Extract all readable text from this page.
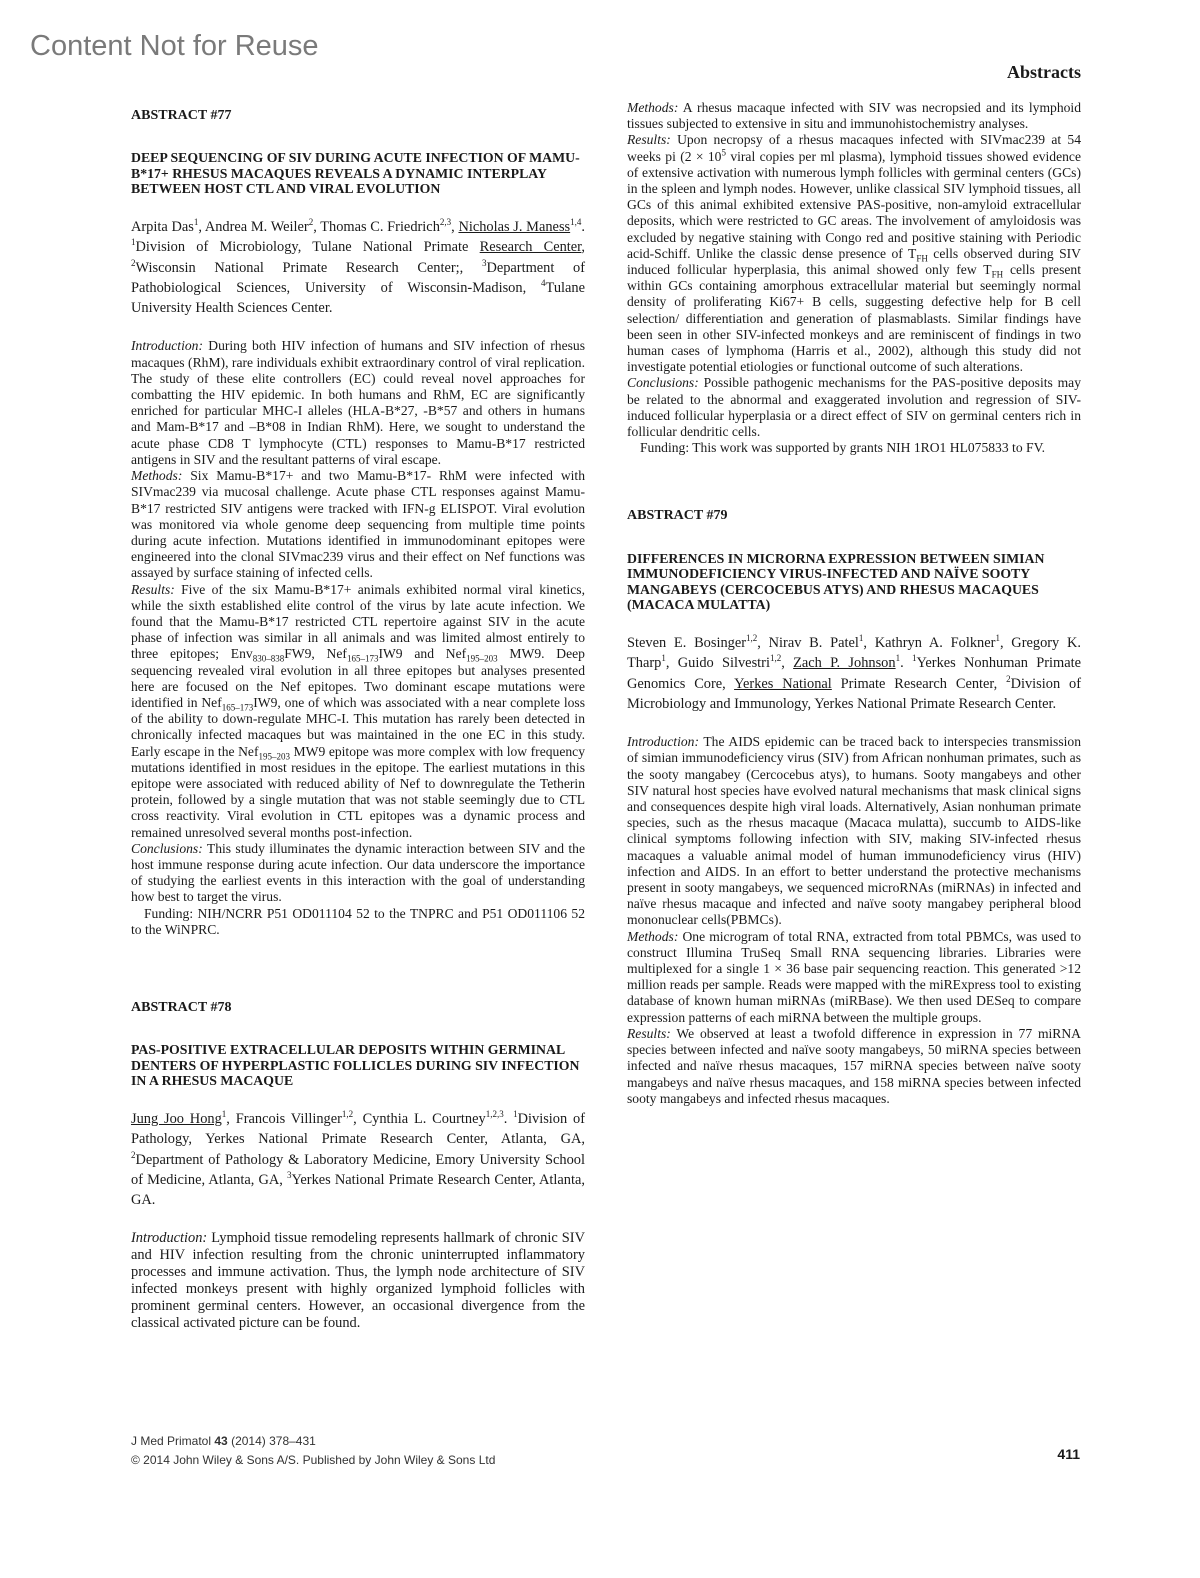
Content Not for Reuse
Abstracts

ABSTRACT #77

DEEP SEQUENCING OF SIV DURING ACUTE INFECTION OF MAMU-B*17+ RHESUS MACAQUES REVEALS A DYNAMIC INTERPLAY BETWEEN HOST CTL AND VIRAL EVOLUTION

Arpita Das$^1$, Andrea M. Weiler$^2$, Thomas C. Friedrich$^{2,3}$, Nicholas J. Maness$^{1,4}$. $^1$Division of Microbiology, Tulane National Primate Research Center, $^2$Wisconsin National Primate Research Center;, $^3$Department of Pathobiological Sciences, University of Wisconsin-Madison, $^4$Tulane University Health Sciences Center.

Introduction: During both HIV infection of humans and SIV infection of rhesus macaques (RhM), rare individuals exhibit extraordinary control of viral replication. The study of these elite controllers (EC) could reveal novel approaches for combatting the HIV epidemic. In both humans and RhM, EC are significantly enriched for particular MHC-I alleles (HLA-B*27, -B*57 and others in humans and Mam-B*17 and –B*08 in Indian RhM). Here, we sought to understand the acute phase CD8 T lymphocyte (CTL) responses to Mamu-B*17 restricted antigens in SIV and the resultant patterns of viral escape.

Methods: Six Mamu-B*17+ and two Mamu-B*17- RhM were infected with SIVmac239 via mucosal challenge. Acute phase CTL responses against Mamu-B*17 restricted SIV antigens were tracked with IFN-g ELISPOT. Viral evolution was monitored via whole genome deep sequencing from multiple time points during acute infection. Mutations identified in immunodominant epitopes were engineered into the clonal SIVmac239 virus and their effect on Nef functions was assayed by surface staining of infected cells.

Results: Five of the six Mamu-B*17+ animals exhibited normal viral kinetics, while the sixth established elite control of the virus by late acute infection. We found that the Mamu-B*17 restricted CTL repertoire against SIV in the acute phase of infection was similar in all animals and was limited almost entirely to three epitopes; Env$_{830-838}$FW9, Nef$_{165-173}$IW9 and Nef$_{195-203}$ MW9. Deep sequencing revealed viral evolution in all three epitopes but analyses presented here are focused on the Nef epitopes. Two dominant escape mutations were identified in Nef$_{165-173}$IW9, one of which was associated with a near complete loss of the ability to down-regulate MHC-I. This mutation has rarely been detected in chronically infected macaques but was maintained in the one EC in this study. Early escape in the Nef$_{195-203}$ MW9 epitope was more complex with low frequency mutations identified in most residues in the epitope. The earliest mutations in this epitope were associated with reduced ability of Nef to downregulate the Tetherin protein, followed by a single mutation that was not stable seemingly due to CTL cross reactivity. Viral evolution in CTL epitopes was a dynamic process and remained unresolved several months post-infection.

Conclusions: This study illuminates the dynamic interaction between SIV and the host immune response during acute infection. Our data underscore the importance of studying the earliest events in this interaction with the goal of understanding how best to target the virus.

Funding: NIH/NCRR P51 OD011104 52 to the TNPRC and P51 OD011106 52 to the WiNPRC.

ABSTRACT #78

PAS-POSITIVE EXTRACELLULAR DEPOSITS WITHIN GERMINAL DENTERS OF HYPERPLASTIC FOLLICLES DURING SIV INFECTION IN A RHESUS MACAQUE

Jung Joo Hong$^1$, Francois Villinger$^{1,2}$, Cynthia L. Courtney$^{1,2,3}$. $^1$Division of Pathology, Yerkes National Primate Research Center, Atlanta, GA, $^2$Department of Pathology & Laboratory Medicine, Emory University School of Medicine, Atlanta, GA, $^3$Yerkes National Primate Research Center, Atlanta, GA.

Introduction: Lymphoid tissue remodeling represents hallmark of chronic SIV and HIV infection resulting from the chronic uninterrupted inflammatory processes and immune activation. Thus, the lymph node architecture of SIV infected monkeys present with highly organized lymphoid follicles with prominent germinal centers. However, an occasional divergence from the classical activated picture can be found.

Methods: A rhesus macaque infected with SIV was necropsied and its lymphoid tissues subjected to extensive in situ and immunohistochemistry analyses.

Results: Upon necropsy of a rhesus macaques infected with SIVmac239 at 54 weeks pi ($2 \times 10^5$ viral copies per ml plasma), lymphoid tissues showed evidence of extensive activation with numerous lymph follicles with germinal centers (GCs) in the spleen and lymph nodes. However, unlike classical SIV lymphoid tissues, all GCs of this animal exhibited extensive PAS-positive, non-amyloid extracellular deposits, which were restricted to GC areas. The involvement of amyloidosis was excluded by negative staining with Congo red and positive staining with Periodic acid-Schiff. Unlike the classic dense presence of $T_{FH}$ cells observed during SIV induced follicular hyperplasia, this animal showed only few $T_{FH}$ cells present within GCs containing amorphous extracellular material but seemingly normal density of proliferating Ki67+ B cells, suggesting defective help for B cell selection/ differentiation and generation of plasmablasts. Similar findings have been seen in other SIV-infected monkeys and are reminiscent of findings in two human cases of lymphoma (Harris et al., 2002), although this study did not investigate potential etiologies or functional outcome of such alterations.

Conclusions: Possible pathogenic mechanisms for the PAS-positive deposits may be related to the abnormal and exaggerated involution and regression of SIV-induced follicular hyperplasia or a direct effect of SIV on germinal centers rich in follicular dendritic cells.

Funding: This work was supported by grants NIH 1RO1 HL075833 to FV.

ABSTRACT #79

DIFFERENCES IN MICRORNA EXPRESSION BETWEEN SIMIAN IMMUNODEFICIENCY VIRUS-INFECTED AND NAÏVE SOOTY MANGABEYS (CERCOCEBUS ATYS) AND RHESUS MACAQUES (MACACA MULATTA)

Steven E. Bosinger$^{1,2}$, Nirav B. Patel$^1$, Kathryn A. Folkner$^1$, Gregory K. Tharp$^1$, Guido Silvestri$^{1,2}$, Zach P. Johnson$^1$. $^1$Yerkes Nonhuman Primate Genomics Core, Yerkes National Primate Research Center, $^2$Division of Microbiology and Immunology, Yerkes National Primate Research Center.

Introduction: The AIDS epidemic can be traced back to interspecies transmission of simian immunodeficiency virus (SIV) from African nonhuman primates, such as the sooty mangabey (Cercocebus atys), to humans. Sooty mangabeys and other SIV natural host species have evolved natural mechanisms that mask clinical signs and consequences despite high viral loads. Alternatively, Asian nonhuman primate species, such as the rhesus macaque (Macaca mulatta), succumb to AIDS-like clinical symptoms following infection with SIV, making SIV-infected rhesus macaques a valuable animal model of human immunodeficiency virus (HIV) infection and AIDS. In an effort to better understand the protective mechanisms present in sooty mangabeys, we sequenced microRNAs (miRNAs) in infected and naïve rhesus macaque and infected and naïve sooty mangabey peripheral blood mononuclear cells(PBMCs).

Methods: One microgram of total RNA, extracted from total PBMCs, was used to construct Illumina TruSeq Small RNA sequencing libraries. Libraries were multiplexed for a single 1 × 36 base pair sequencing reaction. This generated >12 million reads per sample. Reads were mapped with the miRExpress tool to existing database of known human miRNAs (miRBase). We then used DESeq to compare expression patterns of each miRNA between the multiple groups.

Results: We observed at least a twofold difference in expression in 77 miRNA species between infected and naïve sooty mangabeys, 50 miRNA species between infected and naïve rhesus macaques, 157 miRNA species between naïve sooty mangabeys and naïve rhesus macaques, and 158 miRNA species between infected sooty mangabeys and infected rhesus macaques.

J Med Primatol 43 (2014) 378–431
© 2014 John Wiley & Sons A/S. Published by John Wiley & Sons Ltd	411
